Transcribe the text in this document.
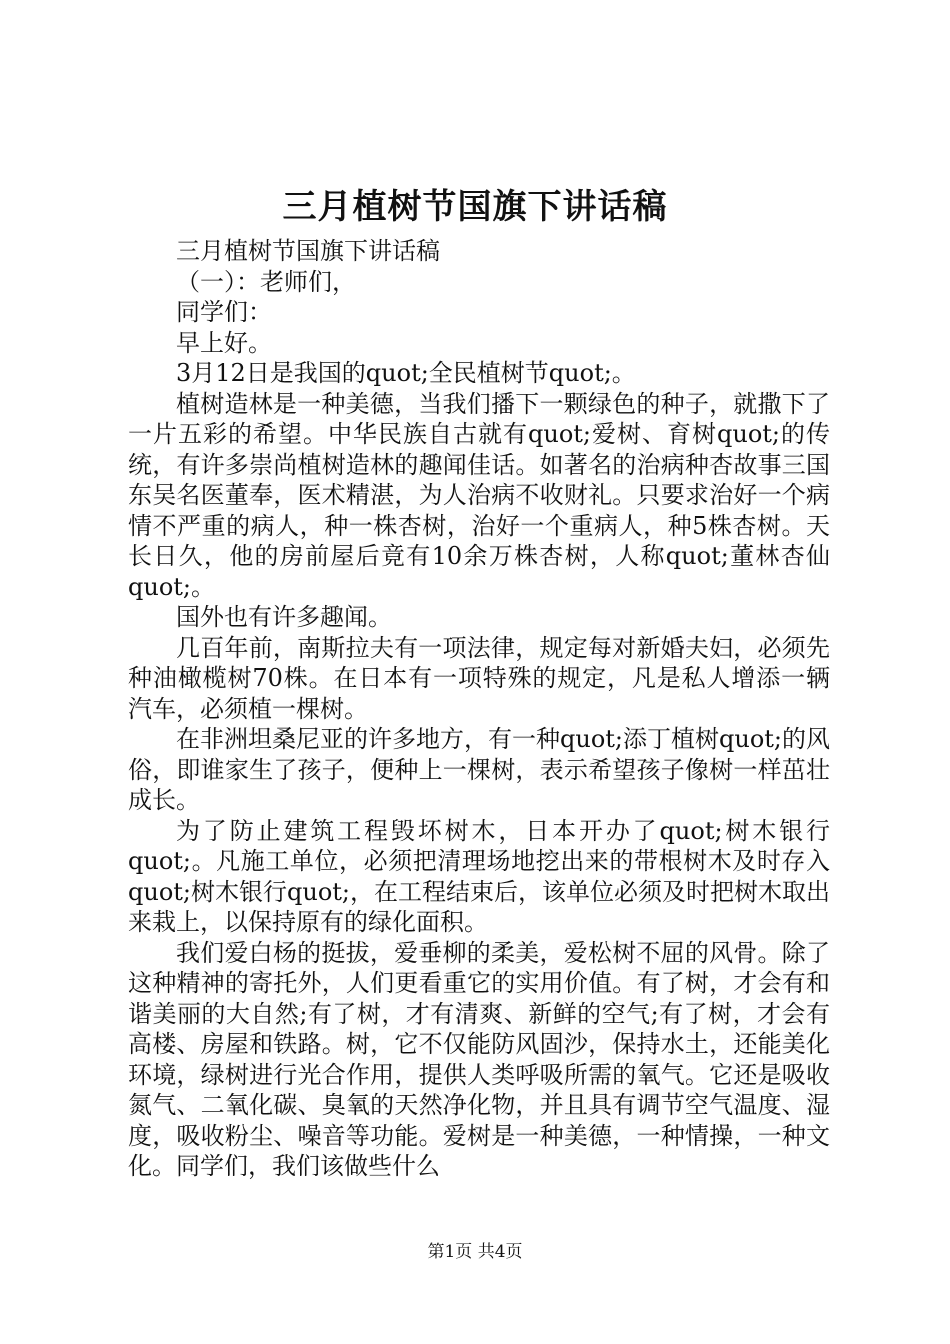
三月植树节国旗下讲话稿

三月植树节国旗下讲话稿

（一）：老师们，

同学们：

早上好。

3月12日是我国的quot;全民植树节quot;。

植树造林是一种美德，当我们播下一颗绿色的种子，就撒下了一片五彩的希望。中华民族自古就有quot;爱树、育树quot;的传统，有许多崇尚植树造林的趣闻佳话。如著名的治病种杏故事三国东吴名医董奉，医术精湛，为人治病不收财礼。只要求治好一个病情不严重的病人，种一株杏树，治好一个重病人，种5株杏树。天长日久，他的房前屋后竟有10余万株杏树，人称quot;董林杏仙quot;。

国外也有许多趣闻。

几百年前，南斯拉夫有一项法律，规定每对新婚夫妇，必须先种油橄榄树70株。在日本有一项特殊的规定，凡是私人增添一辆汽车，必须植一棵树。

在非洲坦桑尼亚的许多地方，有一种quot;添丁植树quot;的风俗，即谁家生了孩子，便种上一棵树，表示希望孩子像树一样茁壮成长。

为了防止建筑工程毁坏树木，日本开办了quot;树木银行quot;。凡施工单位，必须把清理场地挖出来的带根树木及时存入quot;树木银行quot;，在工程结束后，该单位必须及时把树木取出来栽上，以保持原有的绿化面积。

我们爱白杨的挺拔，爱垂柳的柔美，爱松树不屈的风骨。除了这种精神的寄托外，人们更看重它的实用价值。有了树，才会有和谐美丽的大自然;有了树，才有清爽、新鲜的空气;有了树，才会有高楼、房屋和铁路。树，它不仅能防风固沙，保持水土，还能美化环境，绿树进行光合作用，提供人类呼吸所需的氧气。它还是吸收氮气、二氧化碳、臭氧的天然净化物，并且具有调节空气温度、湿度，吸收粉尘、噪音等功能。爱树是一种美德，一种情操，一种文化。同学们，我们该做些什么

第1页 共4页
